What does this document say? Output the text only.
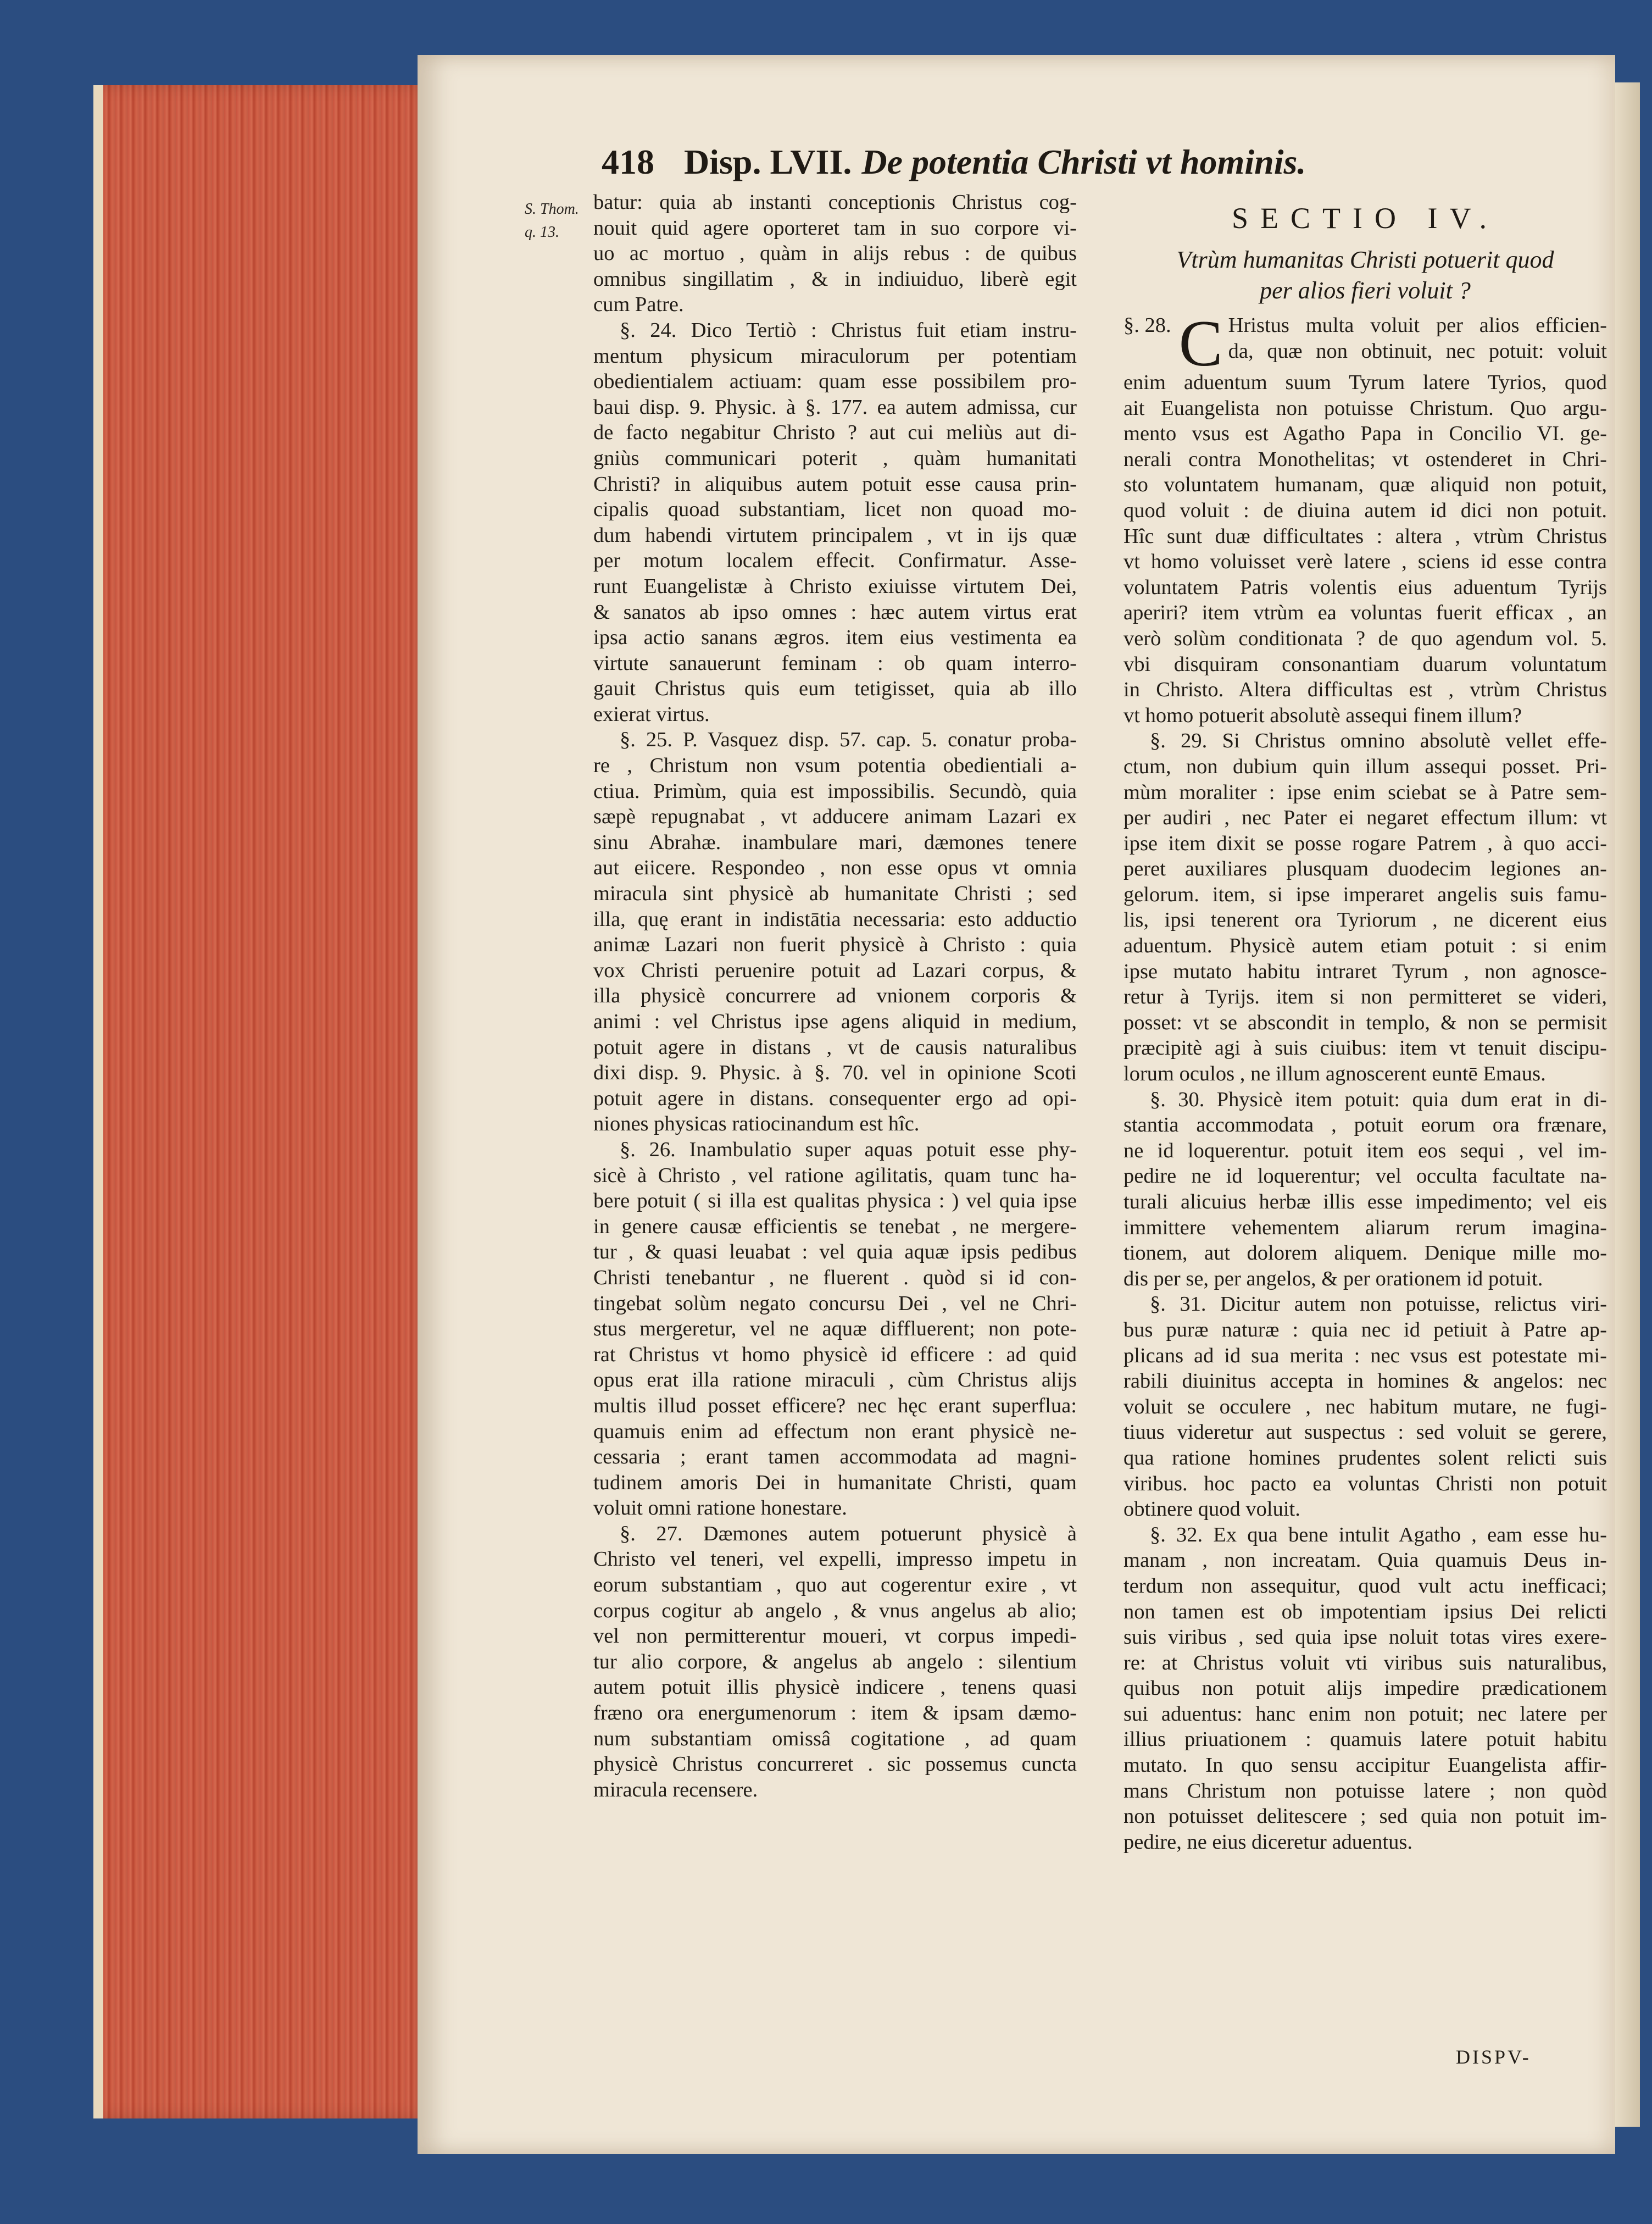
418 Disp. LVII. De potentia Christi vt hominis.
S. Thom.
q. 13.

batur: quia ab instanti conceptionis Christus cog-

nouit quid agere oporteret tam in suo corpore vi-

uo ac mortuo , quàm in alijs rebus : de quibus

omnibus singillatim , & in indiuiduo, liberè egit

cum Patre.

§. 24. Dico Tertiò : Christus fuit etiam instru-

mentum physicum miraculorum per potentiam

obedientialem actiuam: quam esse possibilem pro-

baui disp. 9. Physic. à §. 177. ea autem admissa, cur

de facto negabitur Christo ? aut cui meliùs aut di-

gniùs communicari poterit , quàm humanitati

Christi? in aliquibus autem potuit esse causa prin-

cipalis quoad substantiam, licet non quoad mo-

dum habendi virtutem principalem , vt in ijs quæ

per motum localem effecit. Confirmatur. Asse-

runt Euangelistæ à Christo exiuisse virtutem Dei,

& sanatos ab ipso omnes : hæc autem virtus erat

ipsa actio sanans ægros. item eius vestimenta ea

virtute sanauerunt feminam : ob quam interro-

gauit Christus quis eum tetigisset, quia ab illo

exierat virtus.

§. 25. P. Vasquez disp. 57. cap. 5. conatur proba-

re , Christum non vsum potentia obedientiali a-

ctiua. Primùm, quia est impossibilis. Secundò, quia

sæpè repugnabat , vt adducere animam Lazari ex

sinu Abrahæ. inambulare mari, dæmones tenere

aut eiicere. Respondeo , non esse opus vt omnia

miracula sint physicè ab humanitate Christi ; sed

illa, quę erant in indistātia necessaria: esto adductio

animæ Lazari non fuerit physicè à Christo : quia

vox Christi peruenire potuit ad Lazari corpus, &

illa physicè concurrere ad vnionem corporis &

animi : vel Christus ipse agens aliquid in medium,

potuit agere in distans , vt de causis naturalibus

dixi disp. 9. Physic. à §. 70. vel in opinione Scoti

potuit agere in distans. consequenter ergo ad opi-

niones physicas ratiocinandum est hîc.

§. 26. Inambulatio super aquas potuit esse phy-

sicè à Christo , vel ratione agilitatis, quam tunc ha-

bere potuit ( si illa est qualitas physica : ) vel quia ipse

in genere causæ efficientis se tenebat , ne mergere-

tur , & quasi leuabat : vel quia aquæ ipsis pedibus

Christi tenebantur , ne fluerent . quòd si id con-

tingebat solùm negato concursu Dei , vel ne Chri-

stus mergeretur, vel ne aquæ diffluerent; non pote-

rat Christus vt homo physicè id efficere : ad quid

opus erat illa ratione miraculi , cùm Christus alijs

multis illud posset efficere? nec hęc erant superflua:

quamuis enim ad effectum non erant physicè ne-

cessaria ; erant tamen accommodata ad magni-

tudinem amoris Dei in humanitate Christi, quam

voluit omni ratione honestare.

§. 27. Dæmones autem potuerunt physicè à

Christo vel teneri, vel expelli, impresso impetu in

eorum substantiam , quo aut cogerentur exire , vt

corpus cogitur ab angelo , & vnus angelus ab alio;

vel non permitterentur moueri, vt corpus impedi-

tur alio corpore, & angelus ab angelo : silentium

autem potuit illis physicè indicere , tenens quasi

fræno ora energumenorum : item & ipsam dæmo-

num substantiam omissâ cogitatione , ad quam

physicè Christus concurreret . sic possemus cuncta

miracula recensere.

SECTIO IV.
Vtrùm humanitas Christi potuerit quod
per alios fieri voluit ?
§. 28. C Hristus multa voluit per alios efficien-

da, quæ non obtinuit, nec potuit: voluit

enim aduentum suum Tyrum latere Tyrios, quod

ait Euangelista non potuisse Christum. Quo argu-

mento vsus est Agatho Papa in Concilio VI. ge-

nerali contra Monothelitas; vt ostenderet in Chri-

sto voluntatem humanam, quæ aliquid non potuit,

quod voluit : de diuina autem id dici non potuit.

Hîc sunt duæ difficultates : altera , vtrùm Christus

vt homo voluisset verè latere , sciens id esse contra

voluntatem Patris volentis eius aduentum Tyrijs

aperiri? item vtrùm ea voluntas fuerit efficax , an

verò solùm conditionata ? de quo agendum vol. 5.

vbi disquiram consonantiam duarum voluntatum

in Christo. Altera difficultas est , vtrùm Christus

vt homo potuerit absolutè assequi finem illum?

§. 29. Si Christus omnino absolutè vellet effe-

ctum, non dubium quin illum assequi posset. Pri-

mùm moraliter : ipse enim sciebat se à Patre sem-

per audiri , nec Pater ei negaret effectum illum: vt

ipse item dixit se posse rogare Patrem , à quo acci-

peret auxiliares plusquam duodecim legiones an-

gelorum. item, si ipse imperaret angelis suis famu-

lis, ipsi tenerent ora Tyriorum , ne dicerent eius

aduentum. Physicè autem etiam potuit : si enim

ipse mutato habitu intraret Tyrum , non agnosce-

retur à Tyrijs. item si non permitteret se videri,

posset: vt se abscondit in templo, & non se permisit

præcipitè agi à suis ciuibus: item vt tenuit discipu-

lorum oculos , ne illum agnoscerent euntē Emaus.

§. 30. Physicè item potuit: quia dum erat in di-

stantia accommodata , potuit eorum ora frænare,

ne id loquerentur. potuit item eos sequi , vel im-

pedire ne id loquerentur; vel occulta facultate na-

turali alicuius herbæ illis esse impedimento; vel eis

immittere vehementem aliarum rerum imagina-

tionem, aut dolorem aliquem. Denique mille mo-

dis per se, per angelos, & per orationem id potuit.

§. 31. Dicitur autem non potuisse, relictus viri-

bus puræ naturæ : quia nec id petiuit à Patre ap-

plicans ad id sua merita : nec vsus est potestate mi-

rabili diuinitus accepta in homines & angelos: nec

voluit se occulere , nec habitum mutare, ne fugi-

tiuus videretur aut suspectus : sed voluit se gerere,

qua ratione homines prudentes solent relicti suis

viribus. hoc pacto ea voluntas Christi non potuit

obtinere quod voluit.

§. 32. Ex qua bene intulit Agatho , eam esse hu-

manam , non increatam. Quia quamuis Deus in-

terdum non assequitur, quod vult actu inefficaci;

non tamen est ob impotentiam ipsius Dei relicti

suis viribus , sed quia ipse noluit totas vires exere-

re: at Christus voluit vti viribus suis naturalibus,

quibus non potuit alijs impedire prædicationem

sui aduentus: hanc enim non potuit; nec latere per

illius priuationem : quamuis latere potuit habitu

mutato. In quo sensu accipitur Euangelista affir-

mans Christum non potuisse latere ; non quòd

non potuisset delitescere ; sed quia non potuit im-

pedire, ne eius diceretur aduentus.

DISPV-
